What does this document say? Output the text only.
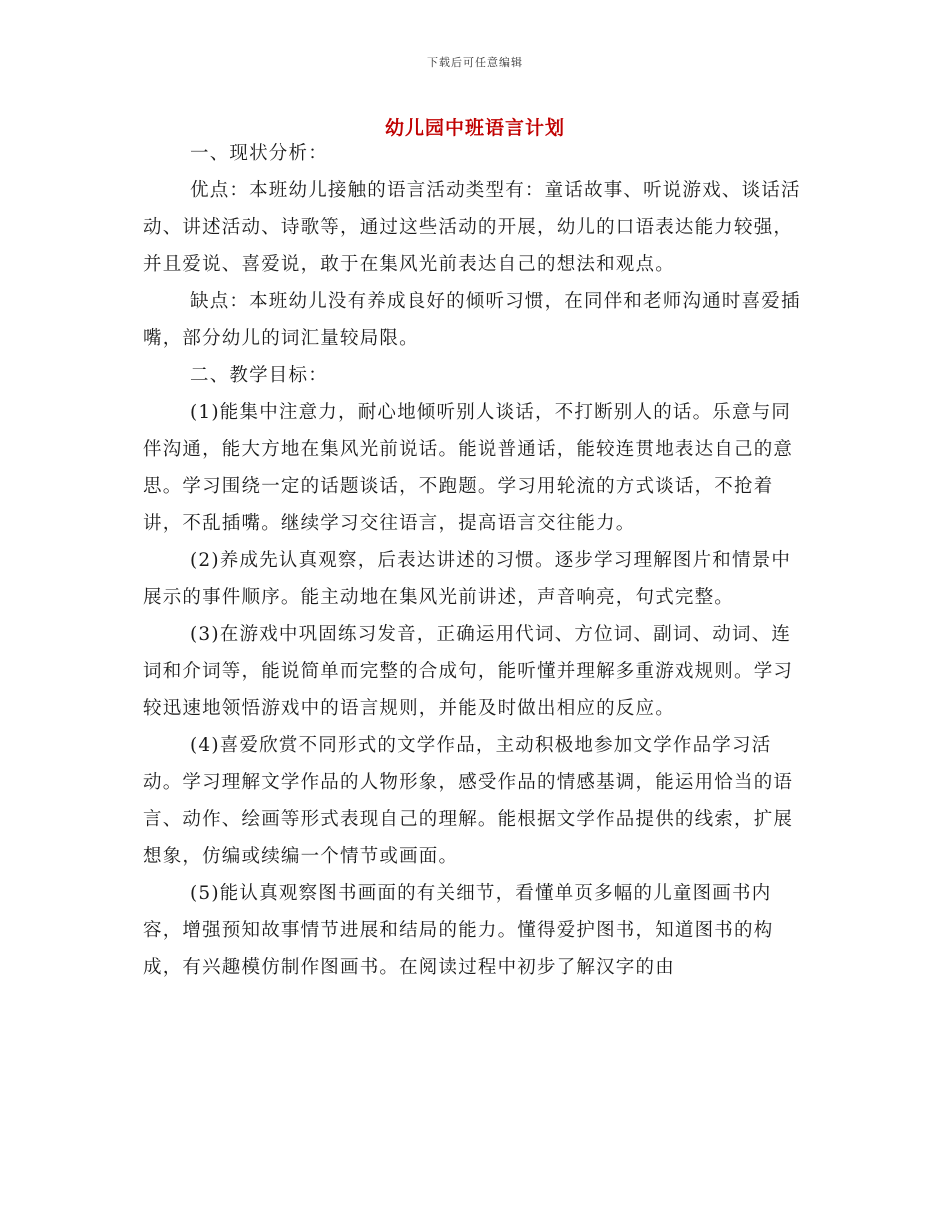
下载后可任意编辑
幼儿园中班语言计划

一、现状分析：

优点：本班幼儿接触的语言活动类型有：童话故事、听说游戏、谈话活动、讲述活动、诗歌等，通过这些活动的开展，幼儿的口语表达能力较强，并且爱说、喜爱说，敢于在集风光前表达自己的想法和观点。

缺点：本班幼儿没有养成良好的倾听习惯，在同伴和老师沟通时喜爱插嘴，部分幼儿的词汇量较局限。

二、教学目标：

(1)能集中注意力，耐心地倾听别人谈话，不打断别人的话。乐意与同伴沟通，能大方地在集风光前说话。能说普通话，能较连贯地表达自己的意思。学习围绕一定的话题谈话，不跑题。学习用轮流的方式谈话，不抢着讲，不乱插嘴。继续学习交往语言，提高语言交往能力。

(2)养成先认真观察，后表达讲述的习惯。逐步学习理解图片和情景中展示的事件顺序。能主动地在集风光前讲述，声音响亮，句式完整。

(3)在游戏中巩固练习发音，正确运用代词、方位词、副词、动词、连词和介词等，能说简单而完整的合成句，能听懂并理解多重游戏规则。学习较迅速地领悟游戏中的语言规则，并能及时做出相应的反应。

(4)喜爱欣赏不同形式的文学作品，主动积极地参加文学作品学习活动。学习理解文学作品的人物形象，感受作品的情感基调，能运用恰当的语言、动作、绘画等形式表现自己的理解。能根据文学作品提供的线索，扩展想象，仿编或续编一个情节或画面。

(5)能认真观察图书画面的有关细节，看懂单页多幅的儿童图画书内容，增强预知故事情节进展和结局的能力。懂得爱护图书，知道图书的构成，有兴趣模仿制作图画书。在阅读过程中初步了解汉字的由
